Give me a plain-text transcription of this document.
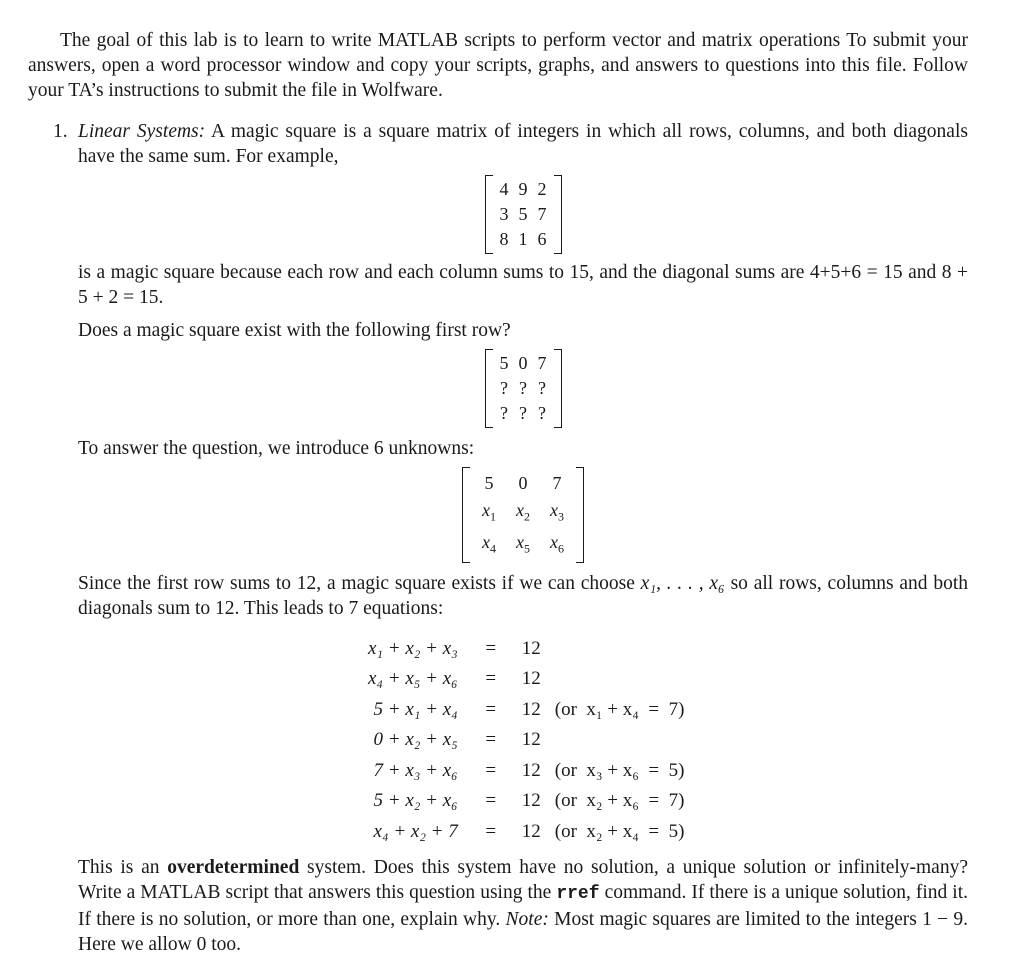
The goal of this lab is to learn to write MATLAB scripts to perform vector and matrix operations To submit your answers, open a word processor window and copy your scripts, graphs, and answers to questions into this file. Follow your TA’s instructions to submit the file in Wolfware.

1. Linear Systems: A magic square is a square matrix of integers in which all rows, columns, and both diagonals have the same sum. For example,

4	9	2
3	5	7
8	1	6

is a magic square because each row and each column sums to 15, and the diagonal sums are 4+5+6 = 15 and 8 + 5 + 2 = 15.

Does a magic square exist with the following first row?

5	0	7
?	?	?
?	?	?

To answer the question, we introduce 6 unknowns:

5	0	7
$x_1$	$x_2$	$x_3$
$x_4$	$x_5$	$x_6$

Since the first row sums to 12, a magic square exists if we can choose x₁, . . . , x₆ so all rows, columns and both diagonals sum to 12. This leads to 7 equations:

x₁ + x₂ + x₃	=	12
x₄ + x₅ + x₆	=	12
5 + x₁ + x₄	=	12 (or  x₁ + x₄  =  7)
0 + x₂ + x₅	=	12
7 + x₃ + x₆	=	12 (or  x₃ + x₆  =  5)
5 + x₂ + x₆	=	12 (or  x₂ + x₆  =  7)
x₄ + x₂ + 7	=	12 (or  x₂ + x₄  =  5)

This is an overdetermined system. Does this system have no solution, a unique solution or infinitely-many? Write a MATLAB script that answers this question using the rref command. If there is a unique solution, find it. If there is no solution, or more than one, explain why. Note: Most magic squares are limited to the integers 1 − 9. Here we allow 0 too.
